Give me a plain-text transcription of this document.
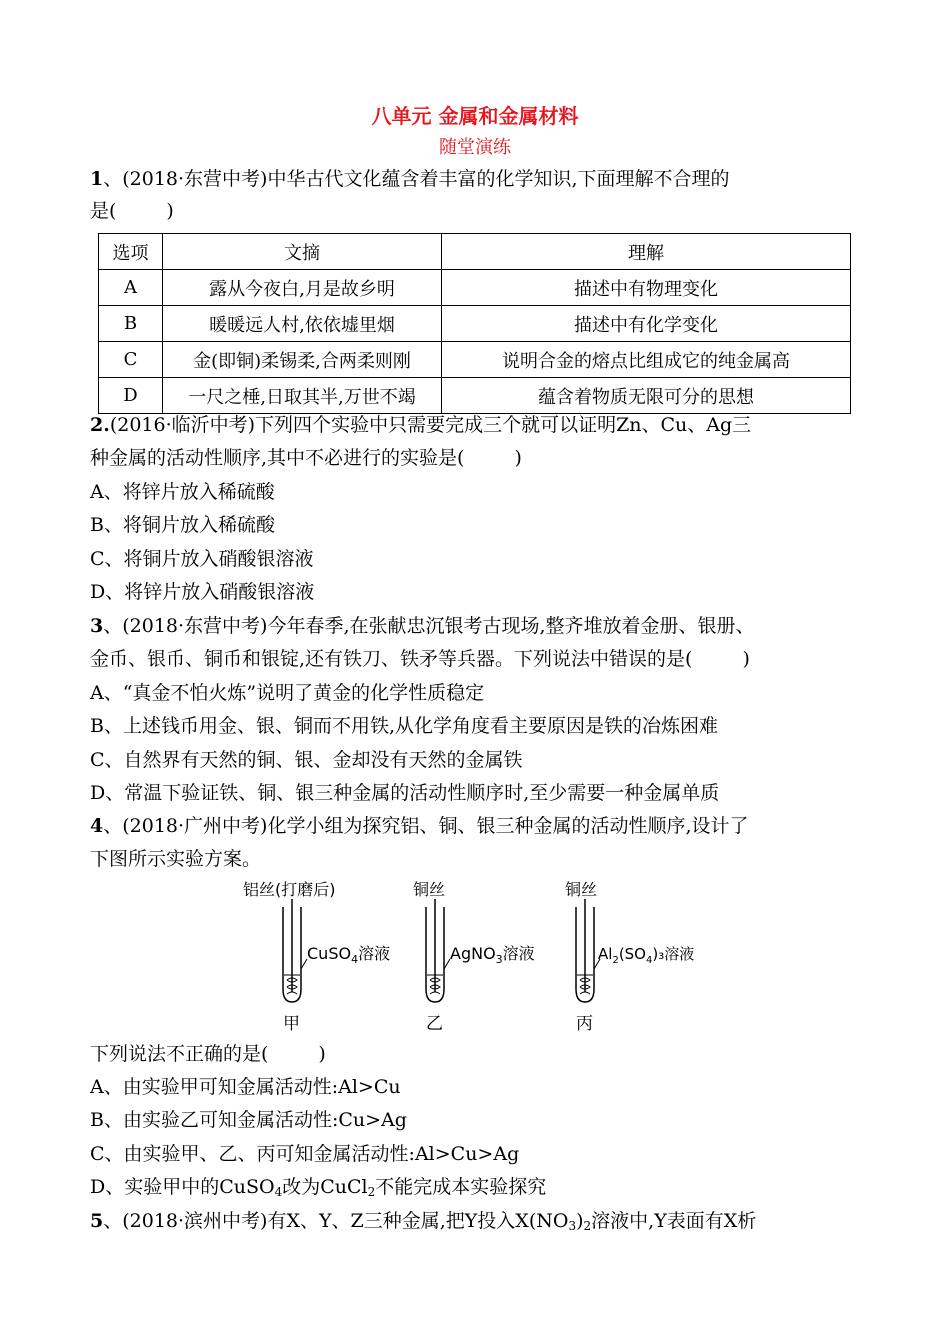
八单元 金属和金属材料
随堂演练
1、(2018·东营中考)中华古代文化蕴含着丰富的化学知识,下面理解不合理的
是(	)
选项	文摘	理解
A	露从今夜白,月是故乡明	描述中有物理变化
B	暖暖远人村,依依墟里烟	描述中有化学变化
C	金(即铜)柔锡柔,合两柔则刚	说明合金的熔点比组成它的纯金属高
D	一尺之棰,日取其半,万世不竭	蕴含着物质无限可分的思想
2.(2016·临沂中考)下列四个实验中只需要完成三个就可以证明Zn、Cu、Ag三
种金属的活动性顺序,其中不必进行的实验是(	)
A、将锌片放入稀硫酸
B、将铜片放入稀硫酸
C、将铜片放入硝酸银溶液
D、将锌片放入硝酸银溶液
3、(2018·东营中考)今年春季,在张献忠沉银考古现场,整齐堆放着金册、银册、
金币、银币、铜币和银锭,还有铁刀、铁矛等兵器。下列说法中错误的是(	)
A、“真金不怕火炼”说明了黄金的化学性质稳定
B、上述钱币用金、银、铜而不用铁,从化学角度看主要原因是铁的冶炼困难
C、自然界有天然的铜、银、金却没有天然的金属铁
D、常温下验证铁、铜、银三种金属的活动性顺序时,至少需要一种金属单质
4、(2018·广州中考)化学小组为探究铝、铜、银三种金属的活动性顺序,设计了
下图所示实验方案。
铝丝(打磨后)
CuSO$_4$溶液
甲
铜丝
AgNO$_3$溶液
乙
铜丝
$Al_2(SO_4)_3$溶液
丙
下列说法不正确的是(	)
A、由实验甲可知金属活动性:Al>Cu
B、由实验乙可知金属活动性:Cu>Ag
C、由实验甲、乙、丙可知金属活动性:Al>Cu>Ag
D、实验甲中的CuSO$_4$改为CuCl$_2$不能完成本实验探究
5、(2018·滨州中考)有X、Y、Z三种金属,把Y投入$X(NO_3)_2$溶液中,Y表面有X析
